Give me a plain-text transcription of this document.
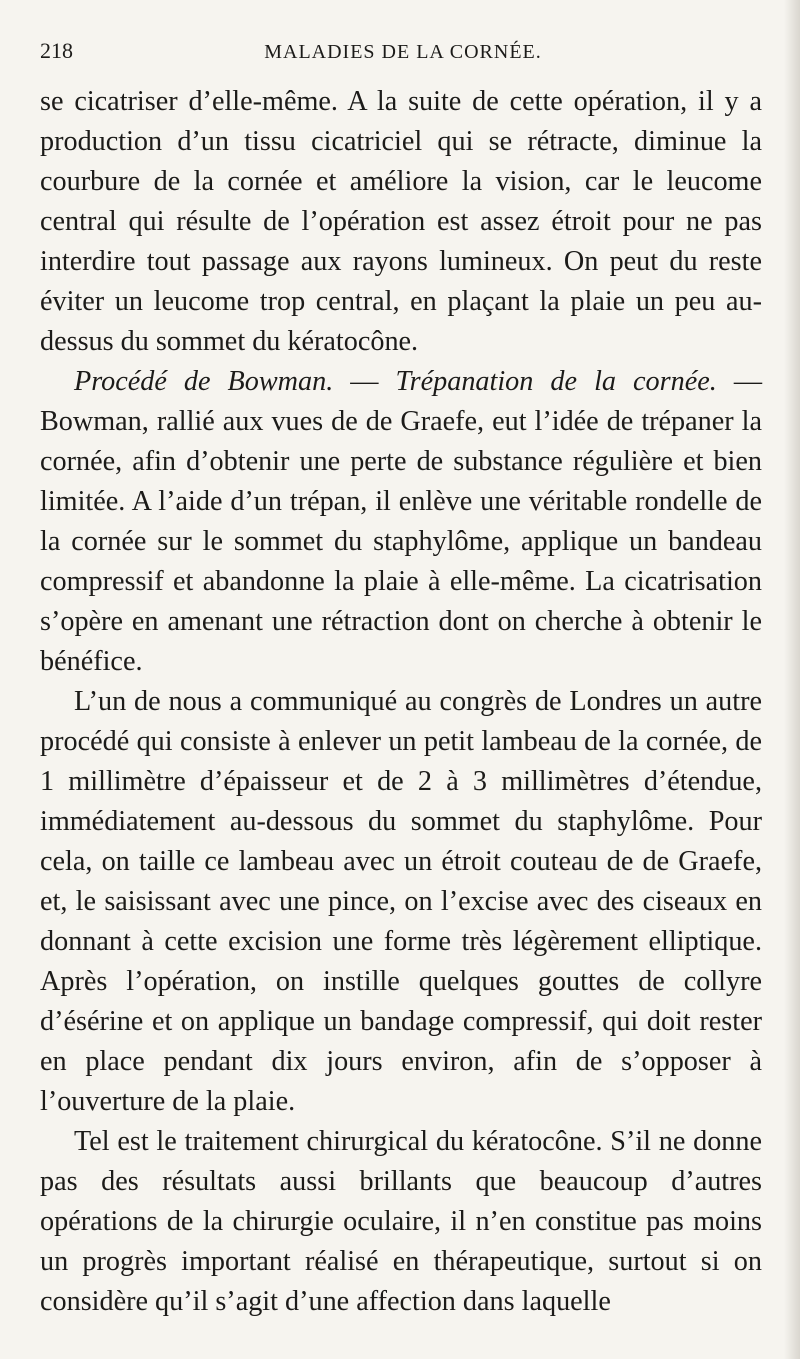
218	MALADIES DE LA CORNÉE.

se cicatriser d’elle-même. A la suite de cette opération, il y a production d’un tissu cicatriciel qui se rétracte, diminue la courbure de la cornée et améliore la vision, car le leucome central qui résulte de l’opération est assez étroit pour ne pas interdire tout passage aux rayons lumineux. On peut du reste éviter un leucome trop central, en plaçant la plaie un peu au-dessus du sommet du kératocône.

Procédé de Bowman. — Trépanation de la cornée. — Bowman, rallié aux vues de de Graefe, eut l’idée de trépaner la cornée, afin d’obtenir une perte de substance régulière et bien limitée. A l’aide d’un trépan, il enlève une véritable rondelle de la cornée sur le sommet du staphylôme, applique un bandeau compressif et abandonne la plaie à elle-même. La cicatrisation s’opère en amenant une rétraction dont on cherche à obtenir le bénéfice.

L’un de nous a communiqué au congrès de Londres un autre procédé qui consiste à enlever un petit lambeau de la cornée, de 1 millimètre d’épaisseur et de 2 à 3 millimètres d’étendue, immédiatement au-dessous du sommet du staphylôme. Pour cela, on taille ce lambeau avec un étroit couteau de de Graefe, et, le saisissant avec une pince, on l’excise avec des ciseaux en donnant à cette excision une forme très légèrement elliptique. Après l’opération, on instille quelques gouttes de collyre d’ésérine et on applique un bandage compressif, qui doit rester en place pendant dix jours environ, afin de s’opposer à l’ouverture de la plaie.

Tel est le traitement chirurgical du kératocône. S’il ne donne pas des résultats aussi brillants que beaucoup d’autres opérations de la chirurgie oculaire, il n’en constitue pas moins un progrès important réalisé en thérapeutique, surtout si on considère qu’il s’agit d’une affection dans laquelle
